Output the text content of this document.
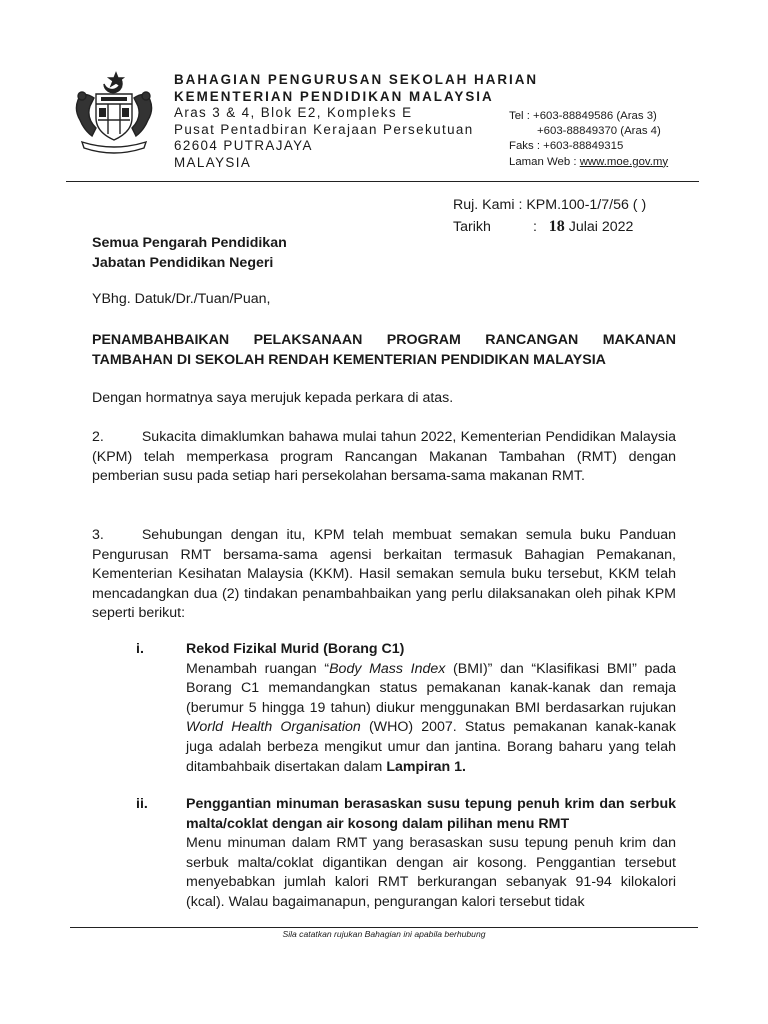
BAHAGIAN PENGURUSAN SEKOLAH HARIAN
KEMENTERIAN PENDIDIKAN MALAYSIA
Aras 3 & 4, Blok E2, Kompleks E
Pusat Pentadbiran Kerajaan Persekutuan
62604 PUTRAJAYA
MALAYSIA
Tel : +603-88849586 (Aras 3)
+603-88849370 (Aras 4)
Faks : +603-88849315
Laman Web : www.moe.gov.my
Ruj. Kami : KPM.100-1/7/56 ( )
Tarikh	: 18 Julai 2022
Semua Pengarah Pendidikan
Jabatan Pendidikan Negeri
YBhg. Datuk/Dr./Tuan/Puan,
PENAMBAHBAIKAN PELAKSANAAN PROGRAM RANCANGAN MAKANAN TAMBAHAN DI SEKOLAH RENDAH KEMENTERIAN PENDIDIKAN MALAYSIA
Dengan hormatnya saya merujuk kepada perkara di atas.
2.	Sukacita dimaklumkan bahawa mulai tahun 2022, Kementerian Pendidikan Malaysia (KPM) telah memperkasa program Rancangan Makanan Tambahan (RMT) dengan pemberian susu pada setiap hari persekolahan bersama-sama makanan RMT.
3.	Sehubungan dengan itu, KPM telah membuat semakan semula buku Panduan Pengurusan RMT bersama-sama agensi berkaitan termasuk Bahagian Pemakanan, Kementerian Kesihatan Malaysia (KKM). Hasil semakan semula buku tersebut, KKM telah mencadangkan dua (2) tindakan penambahbaikan yang perlu dilaksanakan oleh pihak KPM seperti berikut:
i.	Rekod Fizikal Murid (Borang C1)
Menambah ruangan “Body Mass Index (BMI)” dan “Klasifikasi BMI” pada Borang C1 memandangkan status pemakanan kanak-kanak dan remaja (berumur 5 hingga 19 tahun) diukur menggunakan BMI berdasarkan rujukan World Health Organisation (WHO) 2007. Status pemakanan kanak-kanak juga adalah berbeza mengikut umur dan jantina. Borang baharu yang telah ditambahbaik disertakan dalam Lampiran 1.
ii.	Penggantian minuman berasaskan susu tepung penuh krim dan serbuk malta/coklat dengan air kosong dalam pilihan menu RMT
Menu minuman dalam RMT yang berasaskan susu tepung penuh krim dan serbuk malta/coklat digantikan dengan air kosong. Penggantian tersebut menyebabkan jumlah kalori RMT berkurangan sebanyak 91-94 kilokalori (kcal). Walau bagaimanapun, pengurangan kalori tersebut tidak
Sila catatkan rujukan Bahagian ini apabila berhubung
